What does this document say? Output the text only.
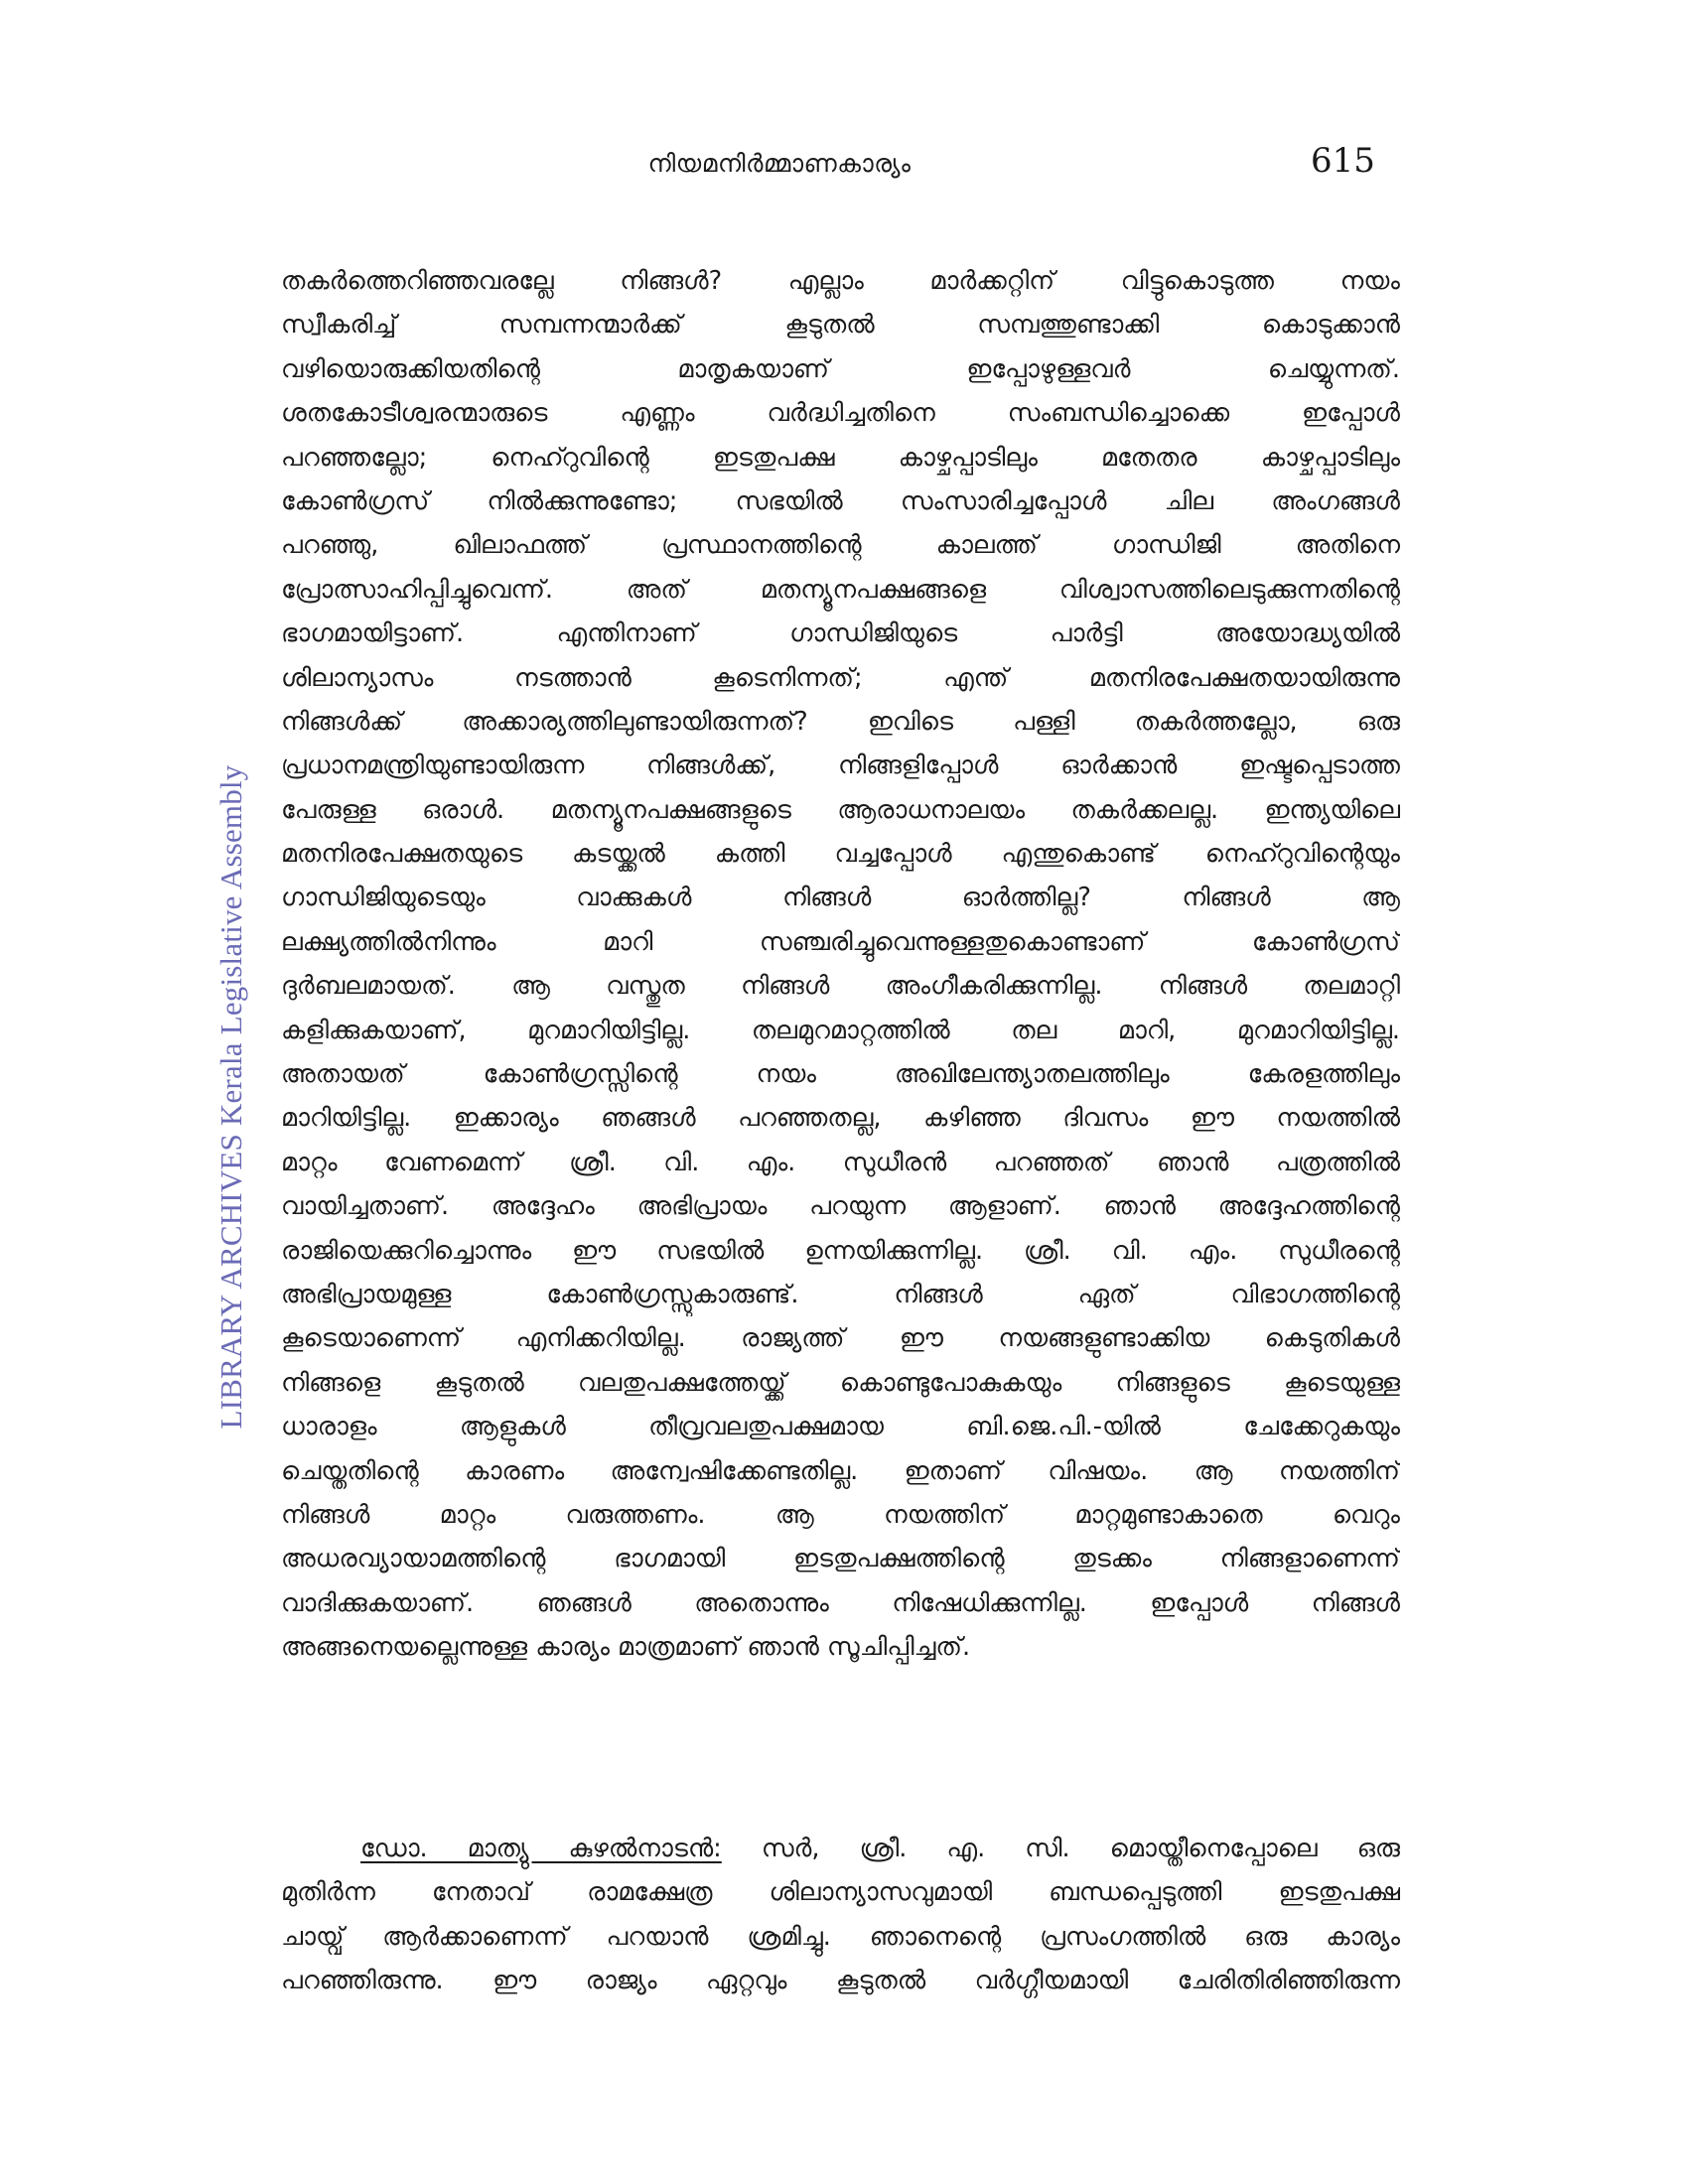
നിയമനിർമ്മാണകാര്യം	615
LIBRARY ARCHIVES Kerala Legislative Assembly
തകർത്തെറിഞ്ഞവരല്ലേ നിങ്ങൾ? എല്ലാം മാർക്കറ്റിന് വിട്ടുകൊടുത്ത നയം
സ്വീകരിച്ച് സമ്പന്നന്മാർക്ക് കൂടുതൽ സമ്പത്തുണ്ടാക്കി കൊടുക്കാൻ
വഴിയൊരുക്കിയതിന്റെ മാതൃകയാണ് ഇപ്പോഴുള്ളവർ ചെയ്യുന്നത്.
ശതകോടീശ്വരന്മാരുടെ എണ്ണം വർദ്ധിച്ചതിനെ സംബന്ധിച്ചൊക്കെ ഇപ്പോൾ
പറഞ്ഞല്ലോ; നെഹ്റുവിന്റെ ഇടതുപക്ഷ കാഴ്ചപ്പാടിലും മതേതര കാഴ്ചപ്പാടിലും
കോൺഗ്രസ് നിൽക്കുന്നുണ്ടോ; സഭയിൽ സംസാരിച്ചപ്പോൾ ചില അംഗങ്ങൾ
പറഞ്ഞു, ഖിലാഫത്ത് പ്രസ്ഥാനത്തിന്റെ കാലത്ത് ഗാന്ധിജി അതിനെ
പ്രോത്സാഹിപ്പിച്ചുവെന്ന്. അത് മതന്യൂനപക്ഷങ്ങളെ വിശ്വാസത്തിലെടുക്കുന്നതിന്റെ
ഭാഗമായിട്ടാണ്. എന്തിനാണ് ഗാന്ധിജിയുടെ പാർട്ടി അയോദ്ധ്യയിൽ
ശിലാന്യാസം നടത്താൻ കൂടെനിന്നത്; എന്ത് മതനിരപേക്ഷതയായിരുന്നു
നിങ്ങൾക്ക് അക്കാര്യത്തിലുണ്ടായിരുന്നത്? ഇവിടെ പള്ളി തകർത്തല്ലോ, ഒരു
പ്രധാനമന്ത്രിയുണ്ടായിരുന്ന നിങ്ങൾക്ക്, നിങ്ങളിപ്പോൾ ഓർക്കാൻ ഇഷ്ടപ്പെടാത്ത
പേരുള്ള ഒരാൾ. മതന്യൂനപക്ഷങ്ങളുടെ ആരാധനാലയം തകർക്കലല്ല. ഇന്ത്യയിലെ
മതനിരപേക്ഷതയുടെ കടയ്ക്കൽ കത്തി വച്ചപ്പോൾ എന്തുകൊണ്ട് നെഹ്റുവിന്റെയും
ഗാന്ധിജിയുടെയും വാക്കുകൾ നിങ്ങൾ ഓർത്തില്ല? നിങ്ങൾ ആ
ലക്ഷ്യത്തിൽനിന്നും മാറി സഞ്ചരിച്ചുവെന്നുള്ളതുകൊണ്ടാണ് കോൺഗ്രസ്
ദുർബലമായത്. ആ വസ്തുത നിങ്ങൾ അംഗീകരിക്കുന്നില്ല. നിങ്ങൾ തലമാറ്റി
കളിക്കുകയാണ്, മുറമാറിയിട്ടില്ല. തലമുറമാറ്റത്തിൽ തല മാറി, മുറമാറിയിട്ടില്ല.
അതായത് കോൺഗ്രസ്സിന്റെ നയം അഖിലേന്ത്യാതലത്തിലും കേരളത്തിലും
മാറിയിട്ടില്ല. ഇക്കാര്യം ഞങ്ങൾ പറഞ്ഞതല്ല, കഴിഞ്ഞ ദിവസം ഈ നയത്തിൽ
മാറ്റം വേണമെന്ന് ശ്രീ. വി. എം. സുധീരൻ പറഞ്ഞത് ഞാൻ പത്രത്തിൽ
വായിച്ചതാണ്. അദ്ദേഹം അഭിപ്രായം പറയുന്ന ആളാണ്. ഞാൻ അദ്ദേഹത്തിന്റെ
രാജിയെക്കുറിച്ചൊന്നും ഈ സഭയിൽ ഉന്നയിക്കുന്നില്ല. ശ്രീ. വി. എം. സുധീരന്റെ
അഭിപ്രായമുള്ള കോൺഗ്രസ്സുകാരുണ്ട്. നിങ്ങൾ ഏത് വിഭാഗത്തിന്റെ
കൂടെയാണെന്ന് എനിക്കറിയില്ല. രാജ്യത്ത് ഈ നയങ്ങളുണ്ടാക്കിയ കെടുതികൾ
നിങ്ങളെ കൂടുതൽ വലതുപക്ഷത്തേയ്ക്ക് കൊണ്ടുപോകുകയും നിങ്ങളുടെ കൂടെയുള്ള
ധാരാളം ആളുകൾ തീവ്രവലതുപക്ഷമായ ബി.ജെ.പി.-യിൽ ചേക്കേറുകയും
ചെയ്തതിന്റെ കാരണം അന്വേഷിക്കേണ്ടതില്ല. ഇതാണ് വിഷയം. ആ നയത്തിന്
നിങ്ങൾ മാറ്റം വരുത്തണം. ആ നയത്തിന് മാറ്റമുണ്ടാകാതെ വെറും
അധരവ്യായാമത്തിന്റെ ഭാഗമായി ഇടതുപക്ഷത്തിന്റെ തുടക്കം നിങ്ങളാണെന്ന്
വാദിക്കുകയാണ്. ഞങ്ങൾ അതൊന്നും നിഷേധിക്കുന്നില്ല. ഇപ്പോൾ നിങ്ങൾ
അങ്ങനെയല്ലെന്നുള്ള കാര്യം മാത്രമാണ് ഞാൻ സൂചിപ്പിച്ചത്.
ഡോ. മാത്യു കുഴൽനാടൻ: സർ, ശ്രീ. എ. സി. മൊയ്തീനെപ്പോലെ ഒരു
മുതിർന്ന നേതാവ് രാമക്ഷേത്ര ശിലാന്യാസവുമായി ബന്ധപ്പെടുത്തി ഇടതുപക്ഷ
ചായ്വ് ആർക്കാണെന്ന് പറയാൻ ശ്രമിച്ചു. ഞാനെന്റെ പ്രസംഗത്തിൽ ഒരു കാര്യം
പറഞ്ഞിരുന്നു. ഈ രാജ്യം ഏറ്റവും കൂടുതൽ വർഗ്ഗീയമായി ചേരിതിരിഞ്ഞിരുന്ന
